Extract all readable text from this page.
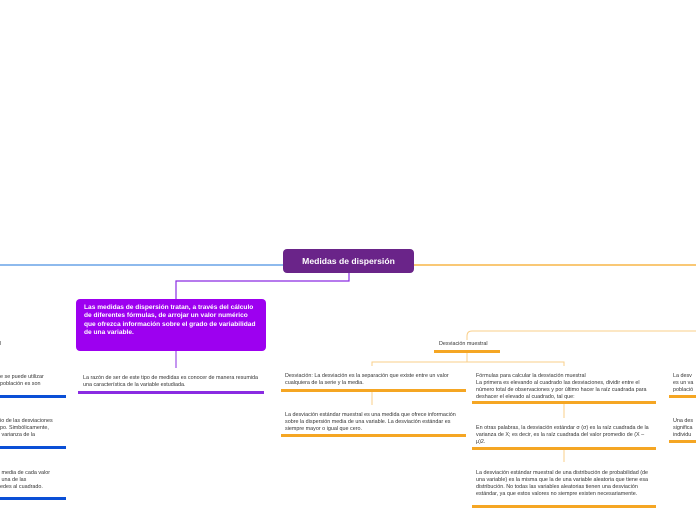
Medidas de dispersión
Las medidas de dispersión tratan, a través del cálculo de diferentes fórmulas, de arrojar un valor numérico que ofrezca información sobre el grado de variabilidad de una variable.
La razón de ser de este tipo de medidas es conocer de manera resumida una característica de la variable estudiada.
l
e se puede utilizar
población es son
io de las desviaciones
po. Simbólicamente,
varianza de la
media de cada valor
una de las
edes al cuadrado.
Desviación muestral
Desviación: La desviación es la separación que existe entre un valor cualquiera de la serie y la media.
La desviación estándar muestral es una medida que ofrece información sobre la dispersión media de una variable. La desviación estándar es siempre mayor o igual que cero.
Fórmulas para calcular la desviación muestral
La primera es elevando al cuadrado las desviaciones, dividir entre el número total de observaciones y por último hacer la raíz cuadrada para deshacer el elevado al cuadrado, tal que:
En otras palabras, la desviación estándar σ (σ) es la raíz cuadrada de la varianza de X; es decir, es la raíz cuadrada del valor promedio de (X – μ)2.
La desviación estándar muestral de una distribución de probabilidad (de una variable) es la misma que la de una variable aleatoria que tiene esa distribución. No todas las variables aleatorias tienen una desviación estándar, ya que estos valores no siempre existen necesariamente.
La desv
es un va
població
Una des
significa
individu
